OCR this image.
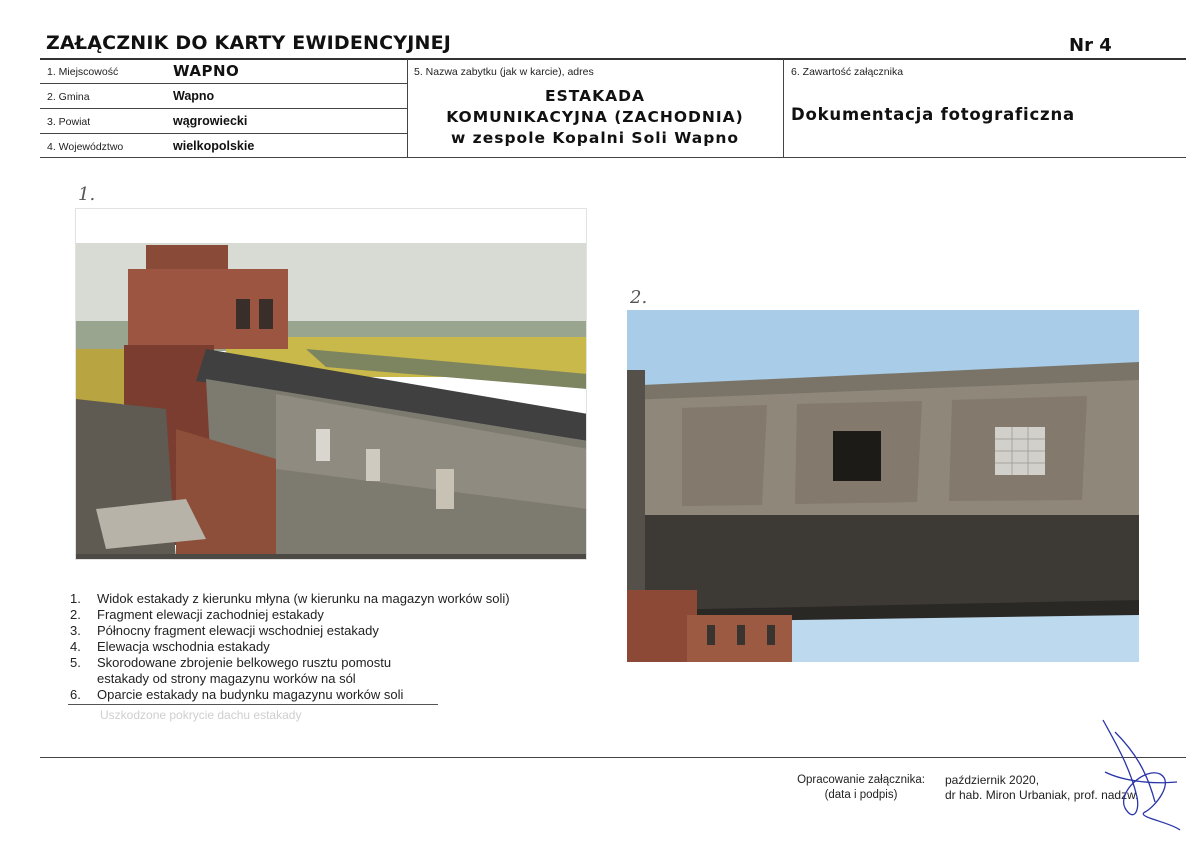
ZAŁĄCZNIK DO KARTY EWIDENCYJNEJ	Nr 4
1. Miejscowość	WAPNO
2. Gmina	Wapno
3. Powiat	wągrowiecki
4. Województwo	wielkopolskie
5. Nazwa zabytku (jak w karcie), adres
ESTAKADA
KOMUNIKACYJNA (ZACHODNIA)
w zespole Kopalni Soli Wapno
6. Zawartość załącznika
Dokumentacja fotograficzna
1.
2.
1.	Widok estakady z kierunku młyna (w kierunku na magazyn worków soli)
2.	Fragment elewacji zachodniej estakady
3.	Północny fragment elewacji wschodniej estakady
4.	Elewacja wschodnia estakady
5.	Skorodowane zbrojenie belkowego rusztu pomostu
estakady od strony magazynu worków na sól
6.	Oparcie estakady na budynku magazynu worków soli
Uszkodzone pokrycie dachu estakady
Opracowanie załącznika:
(data i podpis)
październik 2020,
dr hab. Miron Urbaniak, prof. nadzw.
